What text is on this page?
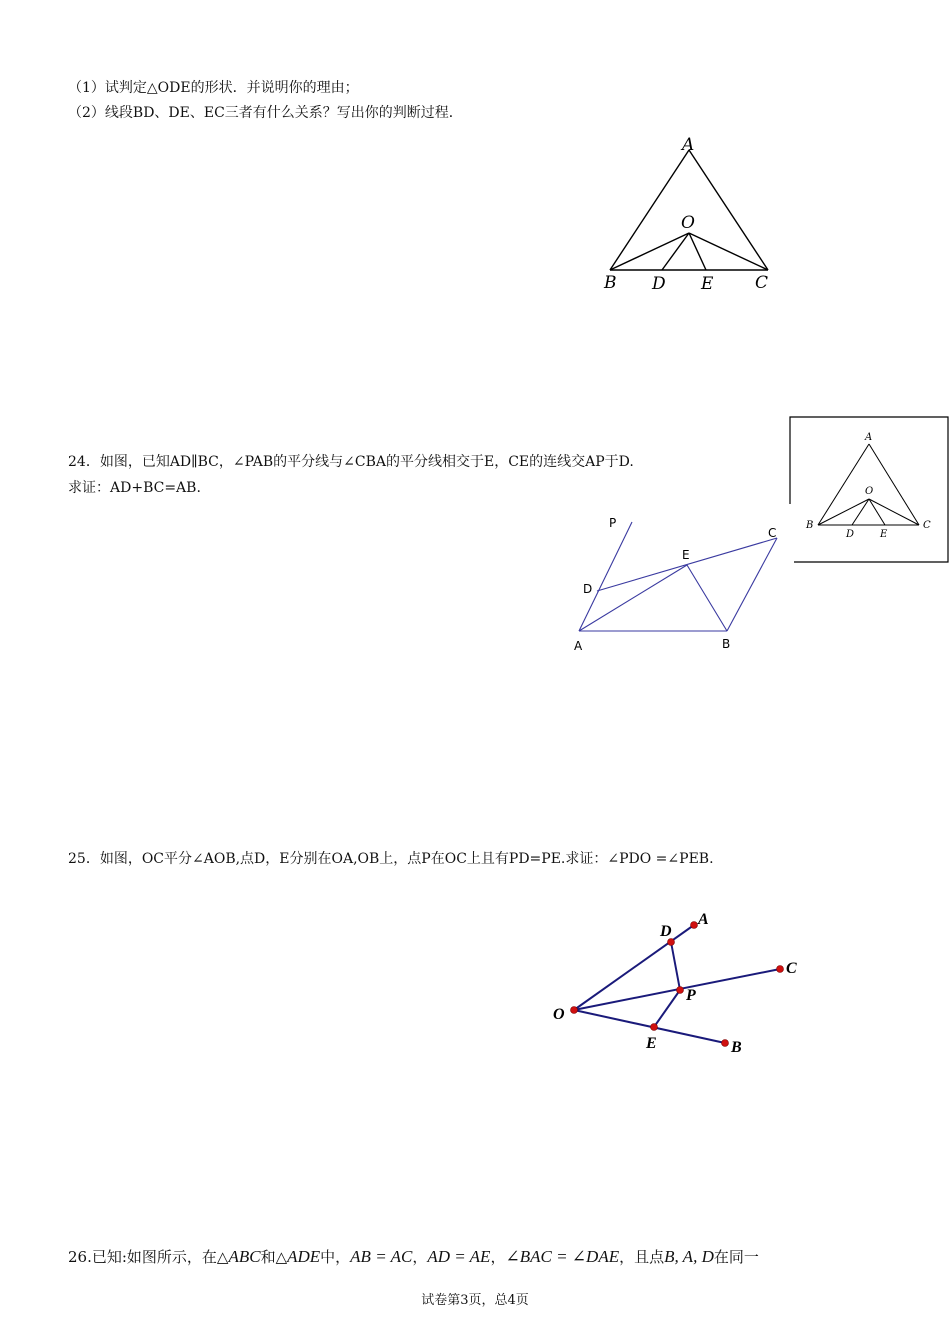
（1）试判定△ODE的形状．并说明你的理由；
（2）线段BD、DE、EC三者有什么关系？写出你的判断过程．
A
O
B D E C
A
O
B
D	E
C
24．如图，已知AD∥BC，∠PAB的平分线与∠CBA的平分线相交于E，CE的连线交AP于D.
求证：AD+BC=AB.
P
C
E
D
A	B
25．如图，OC平分∠AOB,点D，E分别在OA,OB上，点P在OC上且有PD=PE.求证：∠PDO =∠PEB.
D
A
C
P
O
E	B
26.已知:如图所示，在△ABC和△ADE中，AB = AC，AD = AE，∠BAC = ∠DAE，且点B, A, D在同一
试卷第3页，总4页
